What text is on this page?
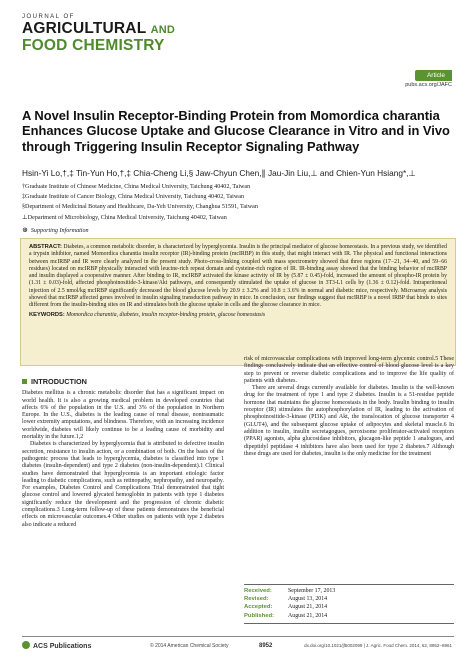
JOURNAL OF
AGRICULTURAL AND
FOOD CHEMISTRY
Article
pubs.acs.org/JAFC
A Novel Insulin Receptor-Binding Protein from Momordica charantia Enhances Glucose Uptake and Glucose Clearance in Vitro and in Vivo through Triggering Insulin Receptor Signaling Pathway
Hsin-Yi Lo,†,‡ Tin-Yun Ho,†,‡ Chia-Cheng Li,§ Jaw-Chyun Chen,∥ Jau-Jin Liu,⊥ and Chien-Yun Hsiang*,⊥
†Graduate Institute of Chinese Medicine, China Medical University, Taichung 40402, Taiwan
‡Graduate Institute of Cancer Biology, China Medical University, Taichung 40402, Taiwan
§Department of Medicinal Botany and Healthcare, Da-Yeh University, Changhua 51591, Taiwan
⊥Department of Microbiology, China Medical University, Taichung 40402, Taiwan
⊛ Supporting Information
ABSTRACT: Diabetes, a common metabolic disorder, is characterized by hyperglycemia. Insulin is the principal mediator of glucose homeostasis. In a previous study, we identified a trypsin inhibitor, named Momordica charantia insulin receptor (IR)-binding protein (mcIRBP) in this study, that might interact with IR. The physical and functional interactions between mcIRBP and IR were clearly analyzed in the present study. Photo-cross-linking coupled with mass spectrometry showed that three regions (17−21, 34−40, and 59−66 residues) located on mcIRBP physically interacted with leucine-rich repeat domain and cysteine-rich region of IR. IR-binding assay showed that the binding behavior of mcIRBP and insulin displayed a cooperative manner. After binding to IR, mcIRBP activated the kinase activity of IR by (5.87 ± 0.45)-fold, increased the amount of phospho-IR protein by (1.31 ± 0.03)-fold, affected phosphoinositide-3-kinase/Akt pathways, and consequently stimulated the uptake of glucose in 3T3-L1 cells by (1.36 ± 0.12)-fold. Intraperitoneal injection of 2.5 nmol/kg mcIRBP significantly decreased the blood glucose levels by 20.9 ± 3.2% and 10.8 ± 3.6% in normal and diabetic mice, respectively. Microarray analysis showed that mcIRBP affected genes involved in insulin signaling transduction pathway in mice. In conclusion, our findings suggest that mcIRBP is a novel IRBP that binds to sites different from the insulin-binding sites on IR and stimulates both the glucose uptake in cells and the glucose clearance in mice.
KEYWORDS: Momordica charantia, diabetes, insulin receptor-binding protein, glucose homeostasis
INTRODUCTION

Diabetes mellitus is a chronic metabolic disorder that has a significant impact on world health. It is also a growing medical problem in developed countries that affects 6% of the population in the U.S. and 3% of the population in Northern Europe. In the U.S., diabetes is the leading cause of renal disease, nontraumatic lower extremity amputations, and blindness. Therefore, with an increasing incidence worldwide, diabetes will likely continue to be a leading cause of morbidity and mortality in the future.1,2

Diabetes is characterized by hyperglycemia that is attributed to defective insulin secretion, resistance to insulin action, or a combination of both. On the basis of the pathogenic process that leads to hyperglycemia, diabetes is classified into type 1 diabetes (insulin-dependent) and type 2 diabetes (non-insulin-dependent).1 Clinical studies have demonstrated that hyperglycemia is an important etiologic factor leading to diabetic complications, such as retinopathy, nephropathy, and neuropathy. For examples, Diabetes Control and Complications Trial demonstrated that tight glucose control and lowered glycated hemoglobin in patients with type 1 diabetes significantly reduce the development and the progression of chronic diabetic complications.3 Long-term follow-up of these patients demonstrates the beneficial effects on microvascular outcomes.4 Other studies on patients with type 2 diabetes also indicate a reduced

risk of microvascular complications with improved long-term glycemic control.5 These findings conclusively indicate that an effective control of blood glucose level is a key step to prevent or reverse diabetic complications and to improve the life quality of patients with diabetes.

There are several drugs currently available for diabetes. Insulin is the well-known drug for the treatment of type 1 and type 2 diabetes. Insulin is a 51-residue peptide hormone that maintains the glucose homeostasis in the body. Insulin binding to insulin receptor (IR) stimulates the autophosphorylation of IR, leading to the activation of phosphoinositide-3-kinase (PI3K) and Akt, the translocation of glucose transporter 4 (GLUT4), and the subsequent glucose uptake of adipocytes and skeletal muscle.6 In addition to insulin, insulin secretagogues, peroxisome proliferator-activated receptors (PPAR) agonists, alpha glucosidase inhibitors, glucagon-like peptide 1 analogues, and dipeptidyl peptidase 4 inhibitors have also been used for type 2 diabetes.7 Although these drugs are used for diabetes, insulin is the only medicine for the treatment

Received:	September 17, 2013
Revised:	August 13, 2014
Accepted:	August 21, 2014
Published:	August 21, 2014
ACS Publications	© 2014 American Chemical Society	8952	dx.doi.org/10.1021/jf5002099 | J. Agric. Food Chem. 2014, 62, 8952−8961
